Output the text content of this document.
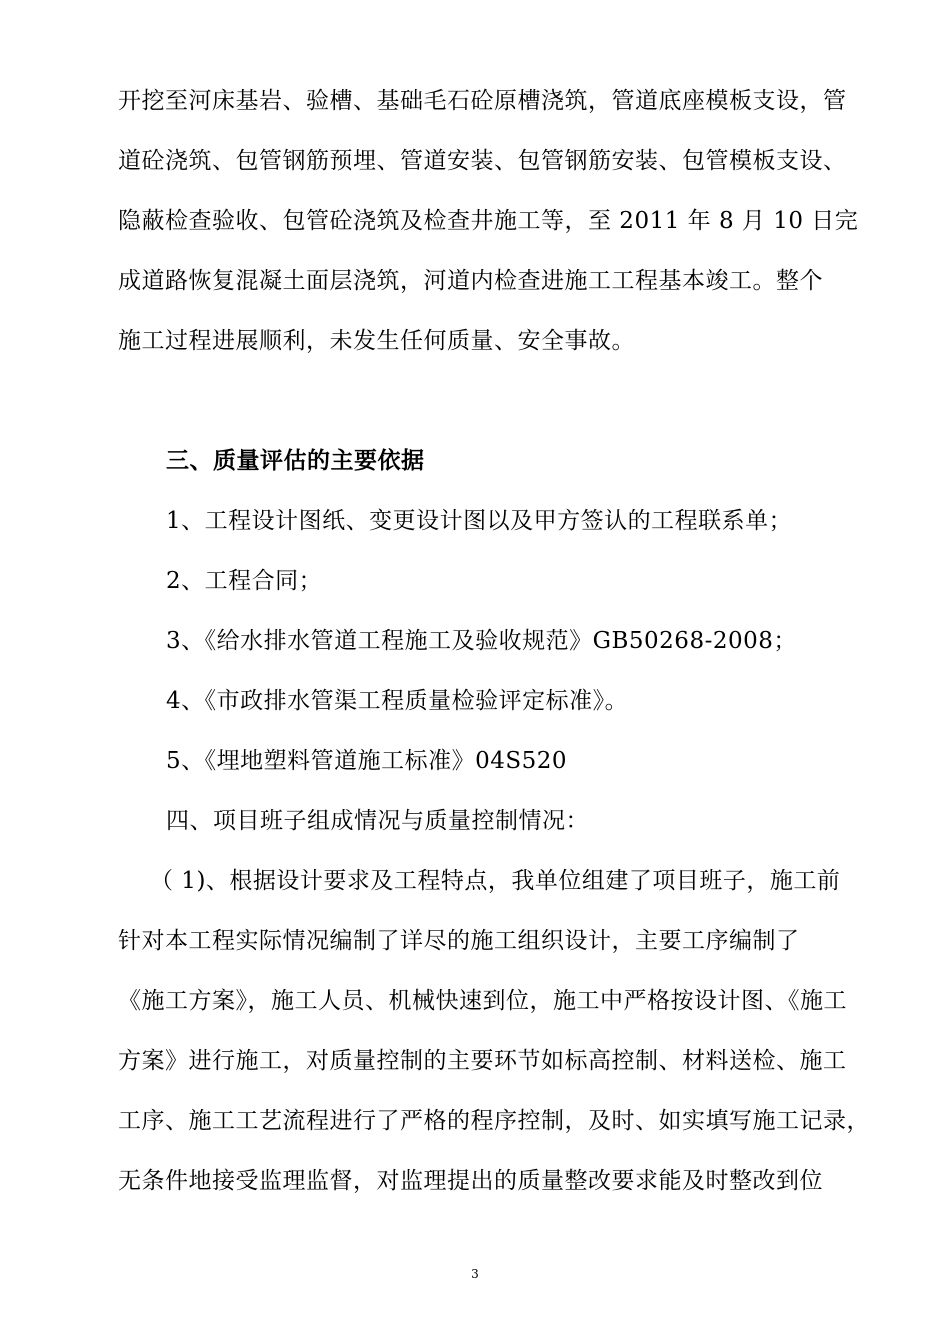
开挖至河床基岩、验槽、基础毛石砼原槽浇筑，管道底座模板支设，管
道砼浇筑、包管钢筋预埋、管道安装、包管钢筋安装、包管模板支设、
隐蔽检查验收、包管砼浇筑及检查井施工等，至 2011 年 8 月 10 日完
成道路恢复混凝土面层浇筑，河道内检查进施工工程基本竣工。整个
施工过程进展顺利，未发生任何质量、安全事故。
三、质量评估的主要依据
1、工程设计图纸、变更设计图以及甲方签认的工程联系单；
2、工程合同；
3、《给水排水管道工程施工及验收规范》GB50268-2008；
4、《市政排水管渠工程质量检验评定标准》。
5、《埋地塑料管道施工标准》04S520
四、项目班子组成情况与质量控制情况：
（ 1)、根据设计要求及工程特点，我单位组建了项目班子，施工前
针对本工程实际情况编制了详尽的施工组织设计，主要工序编制了
《施工方案》，施工人员、机械快速到位，施工中严格按设计图、《施工
方案》进行施工，对质量控制的主要环节如标高控制、材料送检、施工
工序、施工工艺流程进行了严格的程序控制，及时、如实填写施工记录，
无条件地接受监理监督，对监理提出的质量整改要求能及时整改到位
3
